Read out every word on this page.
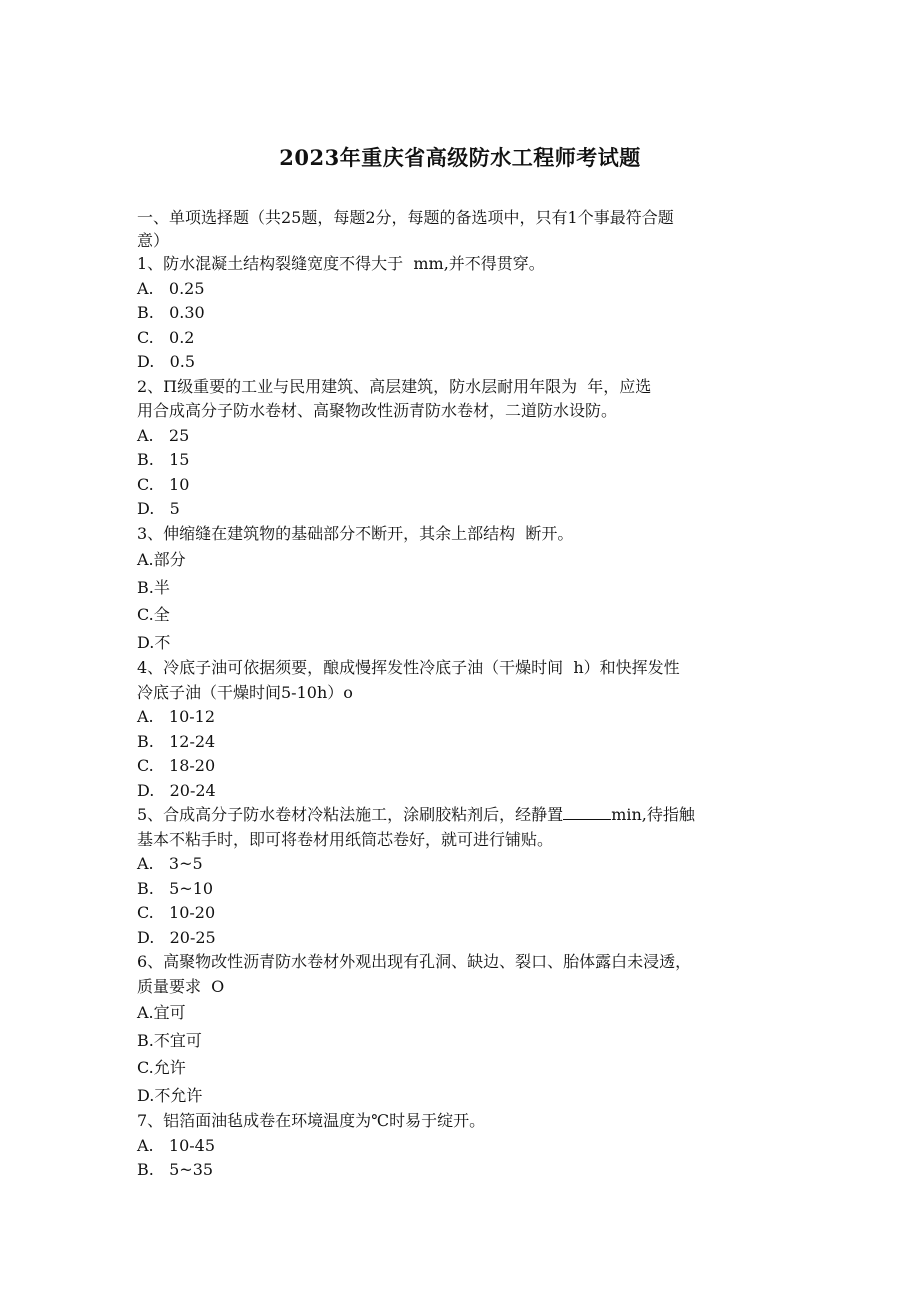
2023年重庆省高级防水工程师考试题
一、单项选择题（共25题，每题2分，每题的备选项中，只有1个事最符合题
意）
1、防水混凝土结构裂缝宽度不得大于  mm,并不得贯穿。
A.   0.25
B.   0.30
C.   0.2
D.   0.5
2、Π级重要的工业与民用建筑、高层建筑，防水层耐用年限为  年，应选
用合成高分子防水卷材、高聚物改性沥青防水卷材，二道防水设防。
A.   25
B.   15
C.   10
D.   5
3、伸缩缝在建筑物的基础部分不断开，其余上部结构  断开。
A.部分
B.半
C.全
D.不
4、冷底子油可依据须要，酿成慢挥发性冷底子油（干燥时间  h）和快挥发性
冷底子油（干燥时间5-10h）o
A.   10-12
B.   12-24
C.   18-20
D.   20-24
5、合成高分子防水卷材冷粘法施工，涂刷胶粘剂后，经静置	min,待指触
基本不粘手时，即可将卷材用纸筒芯卷好，就可进行铺贴。
A.   3~5
B.   5~10
C.   10-20
D.   20-25
6、高聚物改性沥青防水卷材外观出现有孔洞、缺边、裂口、胎体露白未浸透，
质量要求  O
A.宜可
B.不宜可
C.允许
D.不允许
7、铝箔面油毡成卷在环境温度为℃时易于绽开。
A.   10-45
B.   5~35
